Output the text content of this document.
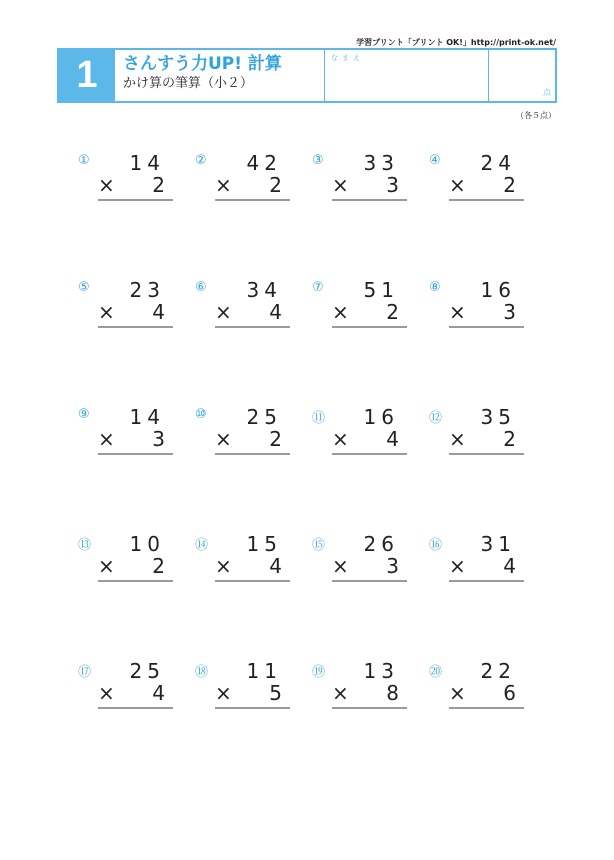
学習プリント「プリント OK!」http://print-ok.net/
1	さんすう力UP! 計算
かけ算の筆算（小２）
なまえ
点
（各５点）
①	14
× 2
②	42
× 2
③	33
× 3
④	24
× 2
⑤	23
× 4
⑥	34
× 4
⑦	51
× 2
⑧	16
× 3
⑨	14
× 3
⑩	25
× 2
⑪	16
× 4
⑫	35
× 2
⑬	10
× 2
⑭	15
× 4
⑮	26
× 3
⑯	31
× 4
⑰	25
× 4
⑱	11
× 5
⑲	13
× 8
⑳	22
× 6
